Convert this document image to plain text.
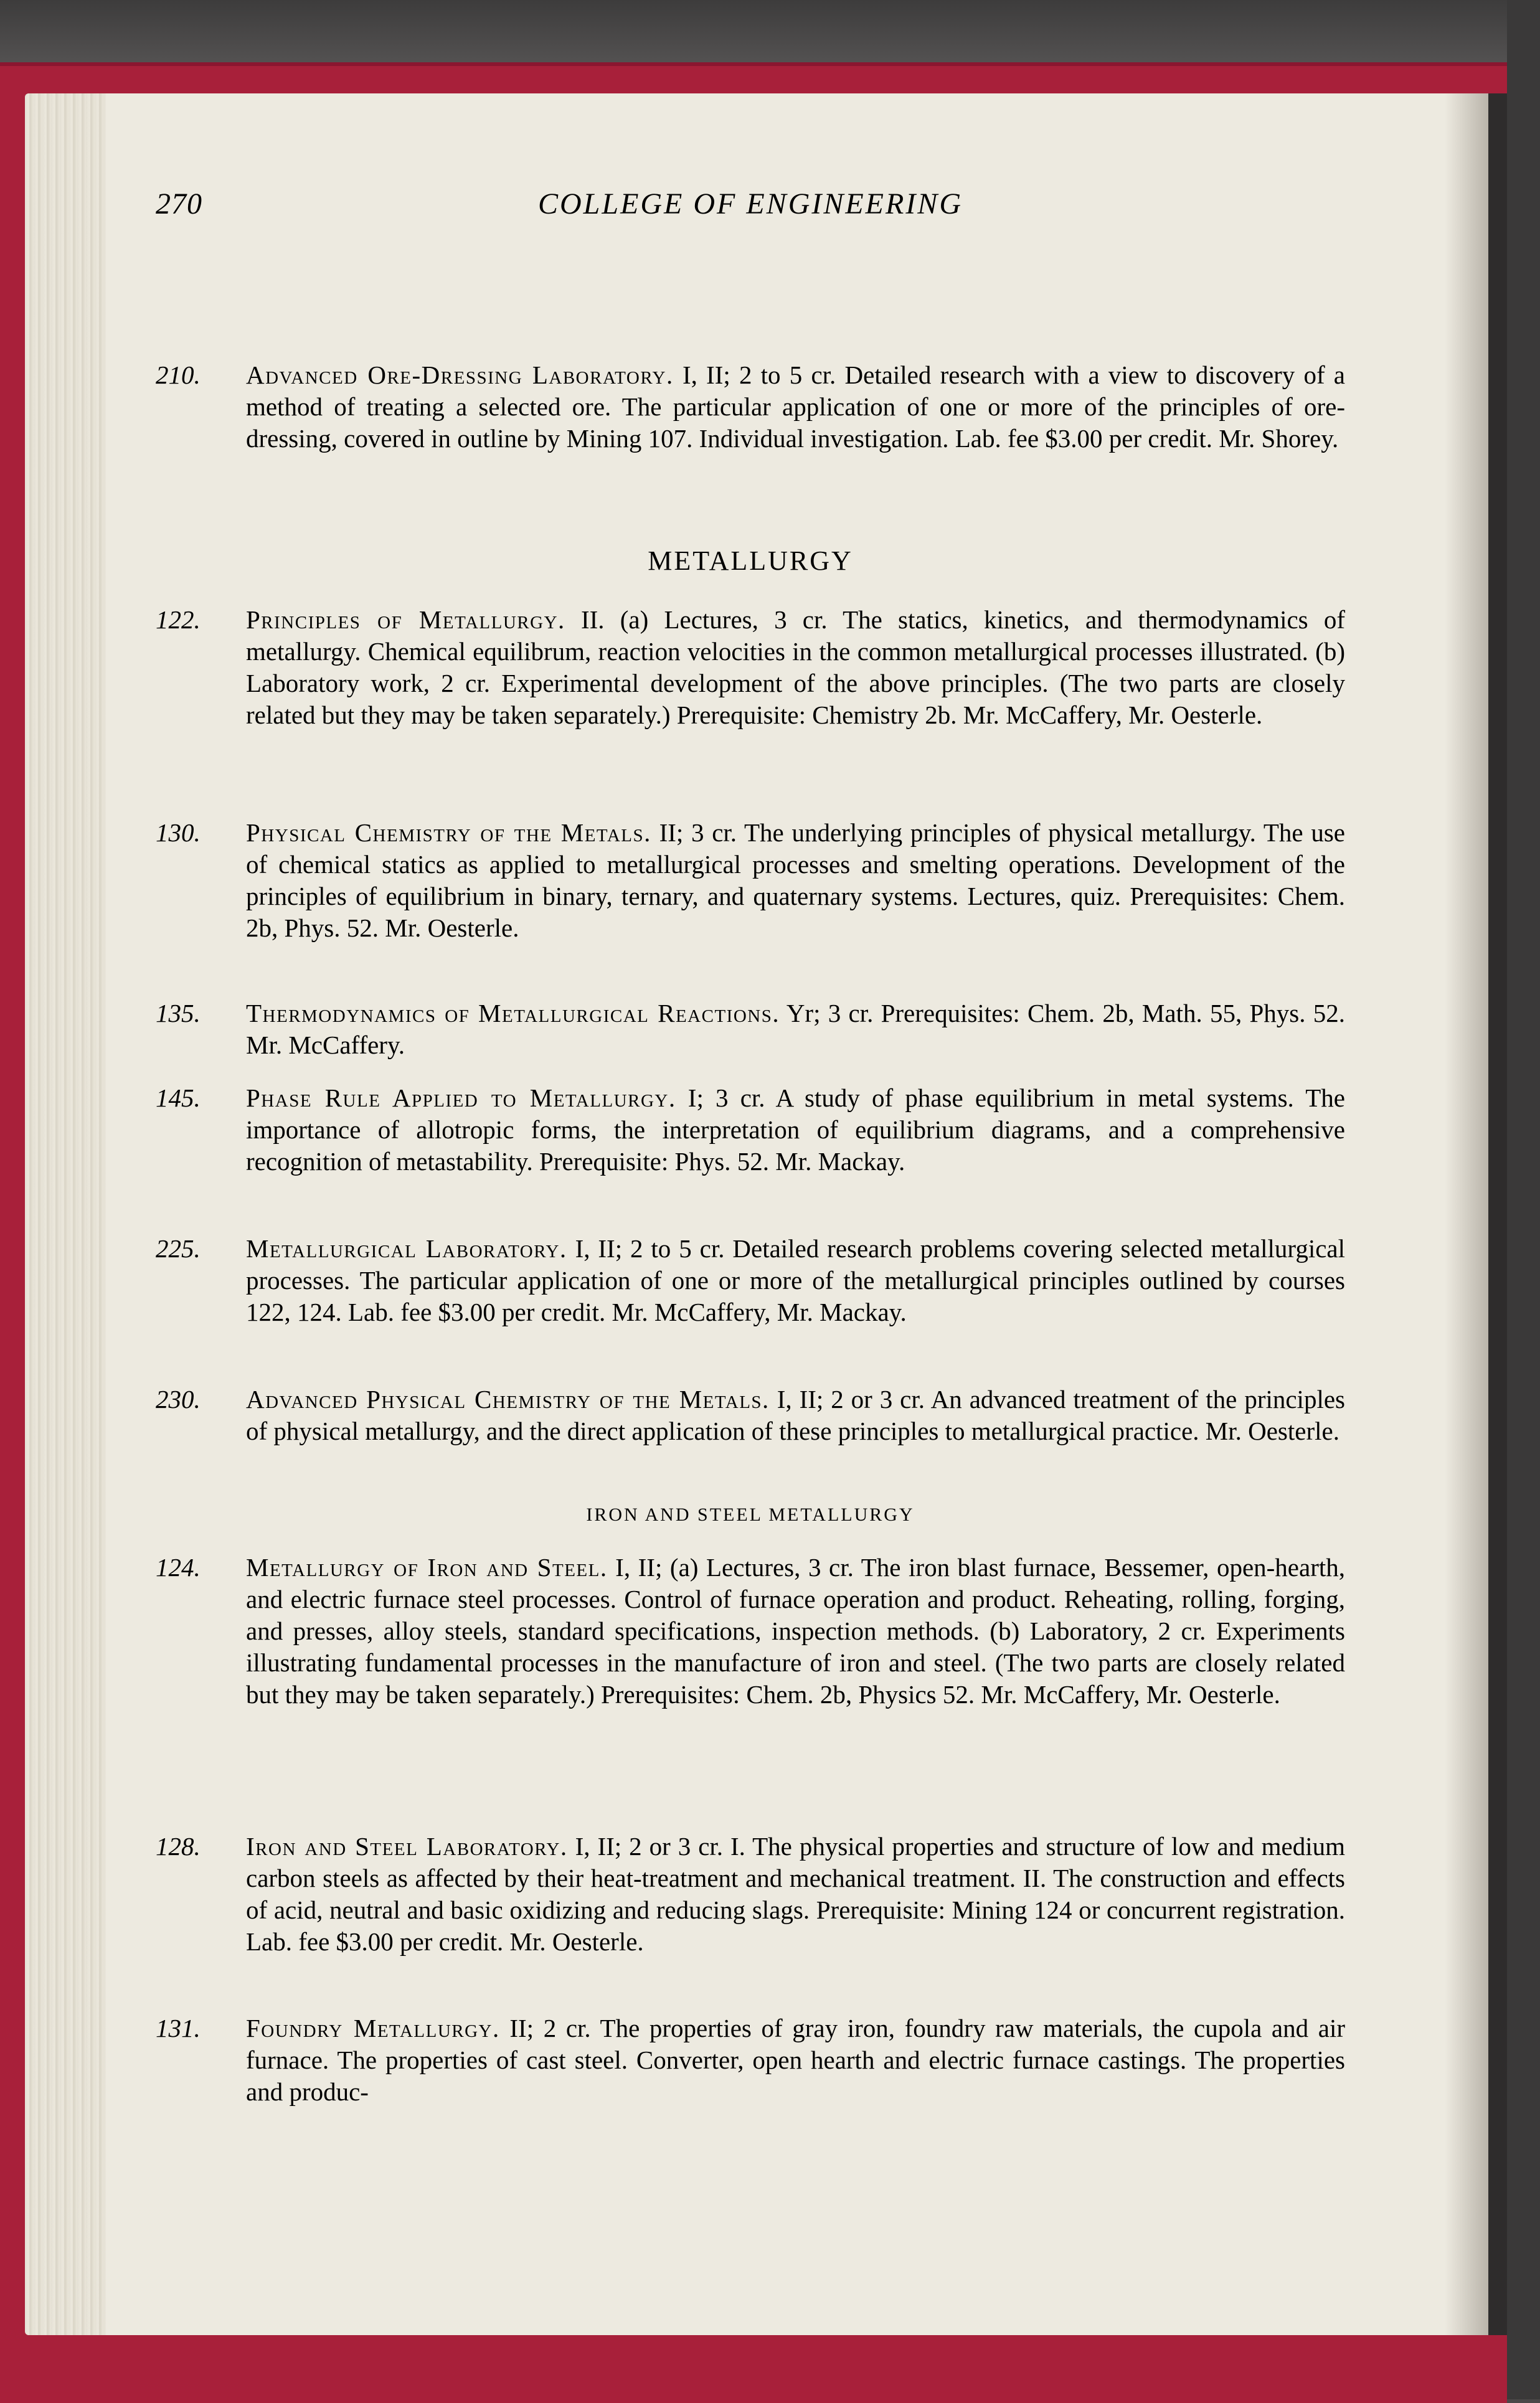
270	COLLEGE OF ENGINEERING
210. Advanced Ore-Dressing Laboratory. I, II; 2 to 5 cr. Detailed research with a view to discovery of a method of treating a selected ore. The particular application of one or more of the principles of ore-dressing, covered in outline by Mining 107. Individual investigation. Lab. fee $3.00 per credit. Mr. Shorey.
METALLURGY
122. Principles of Metallurgy. II. (a) Lectures, 3 cr. The statics, kinetics, and thermodynamics of metallurgy. Chemical equilibrum, reaction velocities in the common metallurgical processes illustrated. (b) Laboratory work, 2 cr. Experimental development of the above principles. (The two parts are closely related but they may be taken separately.) Prerequisite: Chemistry 2b. Mr. McCaffery, Mr. Oesterle.
130. Physical Chemistry of the Metals. II; 3 cr. The underlying principles of physical metallurgy. The use of chemical statics as applied to metallurgical processes and smelting operations. Development of the principles of equilibrium in binary, ternary, and quaternary systems. Lectures, quiz. Prerequisites: Chem. 2b, Phys. 52. Mr. Oesterle.
135. Thermodynamics of Metallurgical Reactions. Yr; 3 cr. Prerequisites: Chem. 2b, Math. 55, Phys. 52. Mr. McCaffery.
145. Phase Rule Applied to Metallurgy. I; 3 cr. A study of phase equilibrium in metal systems. The importance of allotropic forms, the interpretation of equilibrium diagrams, and a comprehensive recognition of metastability. Prerequisite: Phys. 52. Mr. Mackay.
225. Metallurgical Laboratory. I, II; 2 to 5 cr. Detailed research problems covering selected metallurgical processes. The particular application of one or more of the metallurgical principles outlined by courses 122, 124. Lab. fee $3.00 per credit. Mr. McCaffery, Mr. Mackay.
230. Advanced Physical Chemistry of the Metals. I, II; 2 or 3 cr. An advanced treatment of the principles of physical metallurgy, and the direct application of these principles to metallurgical practice. Mr. Oesterle.
IRON AND STEEL METALLURGY
124. Metallurgy of Iron and Steel. I, II; (a) Lectures, 3 cr. The iron blast furnace, Bessemer, open-hearth, and electric furnace steel processes. Control of furnace operation and product. Reheating, rolling, forging, and presses, alloy steels, standard specifications, inspection methods. (b) Laboratory, 2 cr. Experiments illustrating fundamental processes in the manufacture of iron and steel. (The two parts are closely related but they may be taken separately.) Prerequisites: Chem. 2b, Physics 52. Mr. McCaffery, Mr. Oesterle.
128. Iron and Steel Laboratory. I, II; 2 or 3 cr. I. The physical properties and structure of low and medium carbon steels as affected by their heat-treatment and mechanical treatment. II. The construction and effects of acid, neutral and basic oxidizing and reducing slags. Prerequisite: Mining 124 or concurrent registration. Lab. fee $3.00 per credit. Mr. Oesterle.
131. Foundry Metallurgy. II; 2 cr. The properties of gray iron, foundry raw materials, the cupola and air furnace. The properties of cast steel. Converter, open hearth and electric furnace castings. The properties and produc-
